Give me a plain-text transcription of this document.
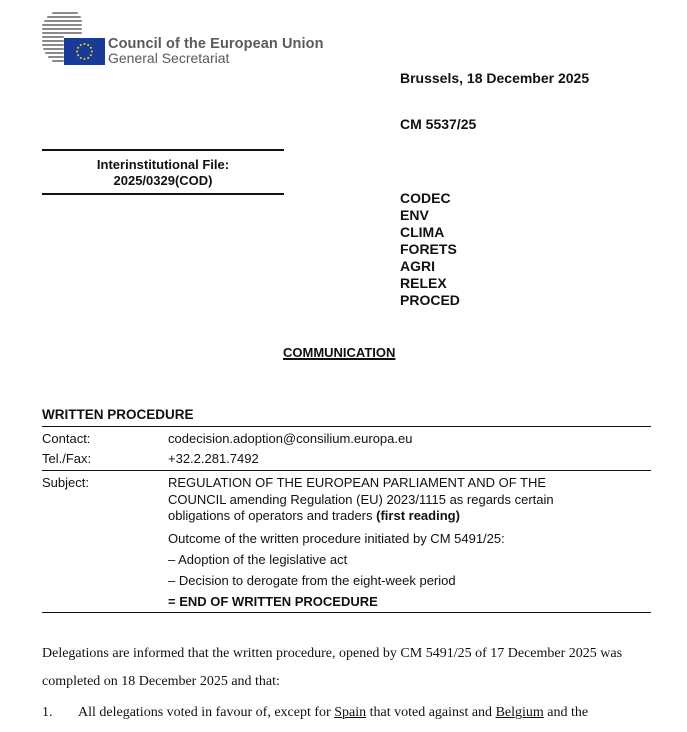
Council of the European Union
General Secretariat
Brussels, 18 December 2025
CM 5537/25
Interinstitutional File:
2025/0329(COD)
CODEC
ENV
CLIMA
FORETS
AGRI
RELEX
PROCED
COMMUNICATION
WRITTEN PROCEDURE
Contact:	codecision.adoption@consilium.europa.eu
Tel./Fax:	+32.2.281.7492
Subject:	REGULATION OF THE EUROPEAN PARLIAMENT AND OF THE
COUNCIL amending Regulation (EU) 2023/1115 as regards certain
obligations of operators and traders (first reading)
Outcome of the written procedure initiated by CM 5491/25:
– Adoption of the legislative act
– Decision to derogate from the eight-week period
= END OF WRITTEN PROCEDURE
Delegations are informed that the written procedure, opened by CM 5491/25 of 17 December 2025 was completed on 18 December 2025 and that:
1.	All delegations voted in favour of, except for Spain that voted against and Belgium and the
